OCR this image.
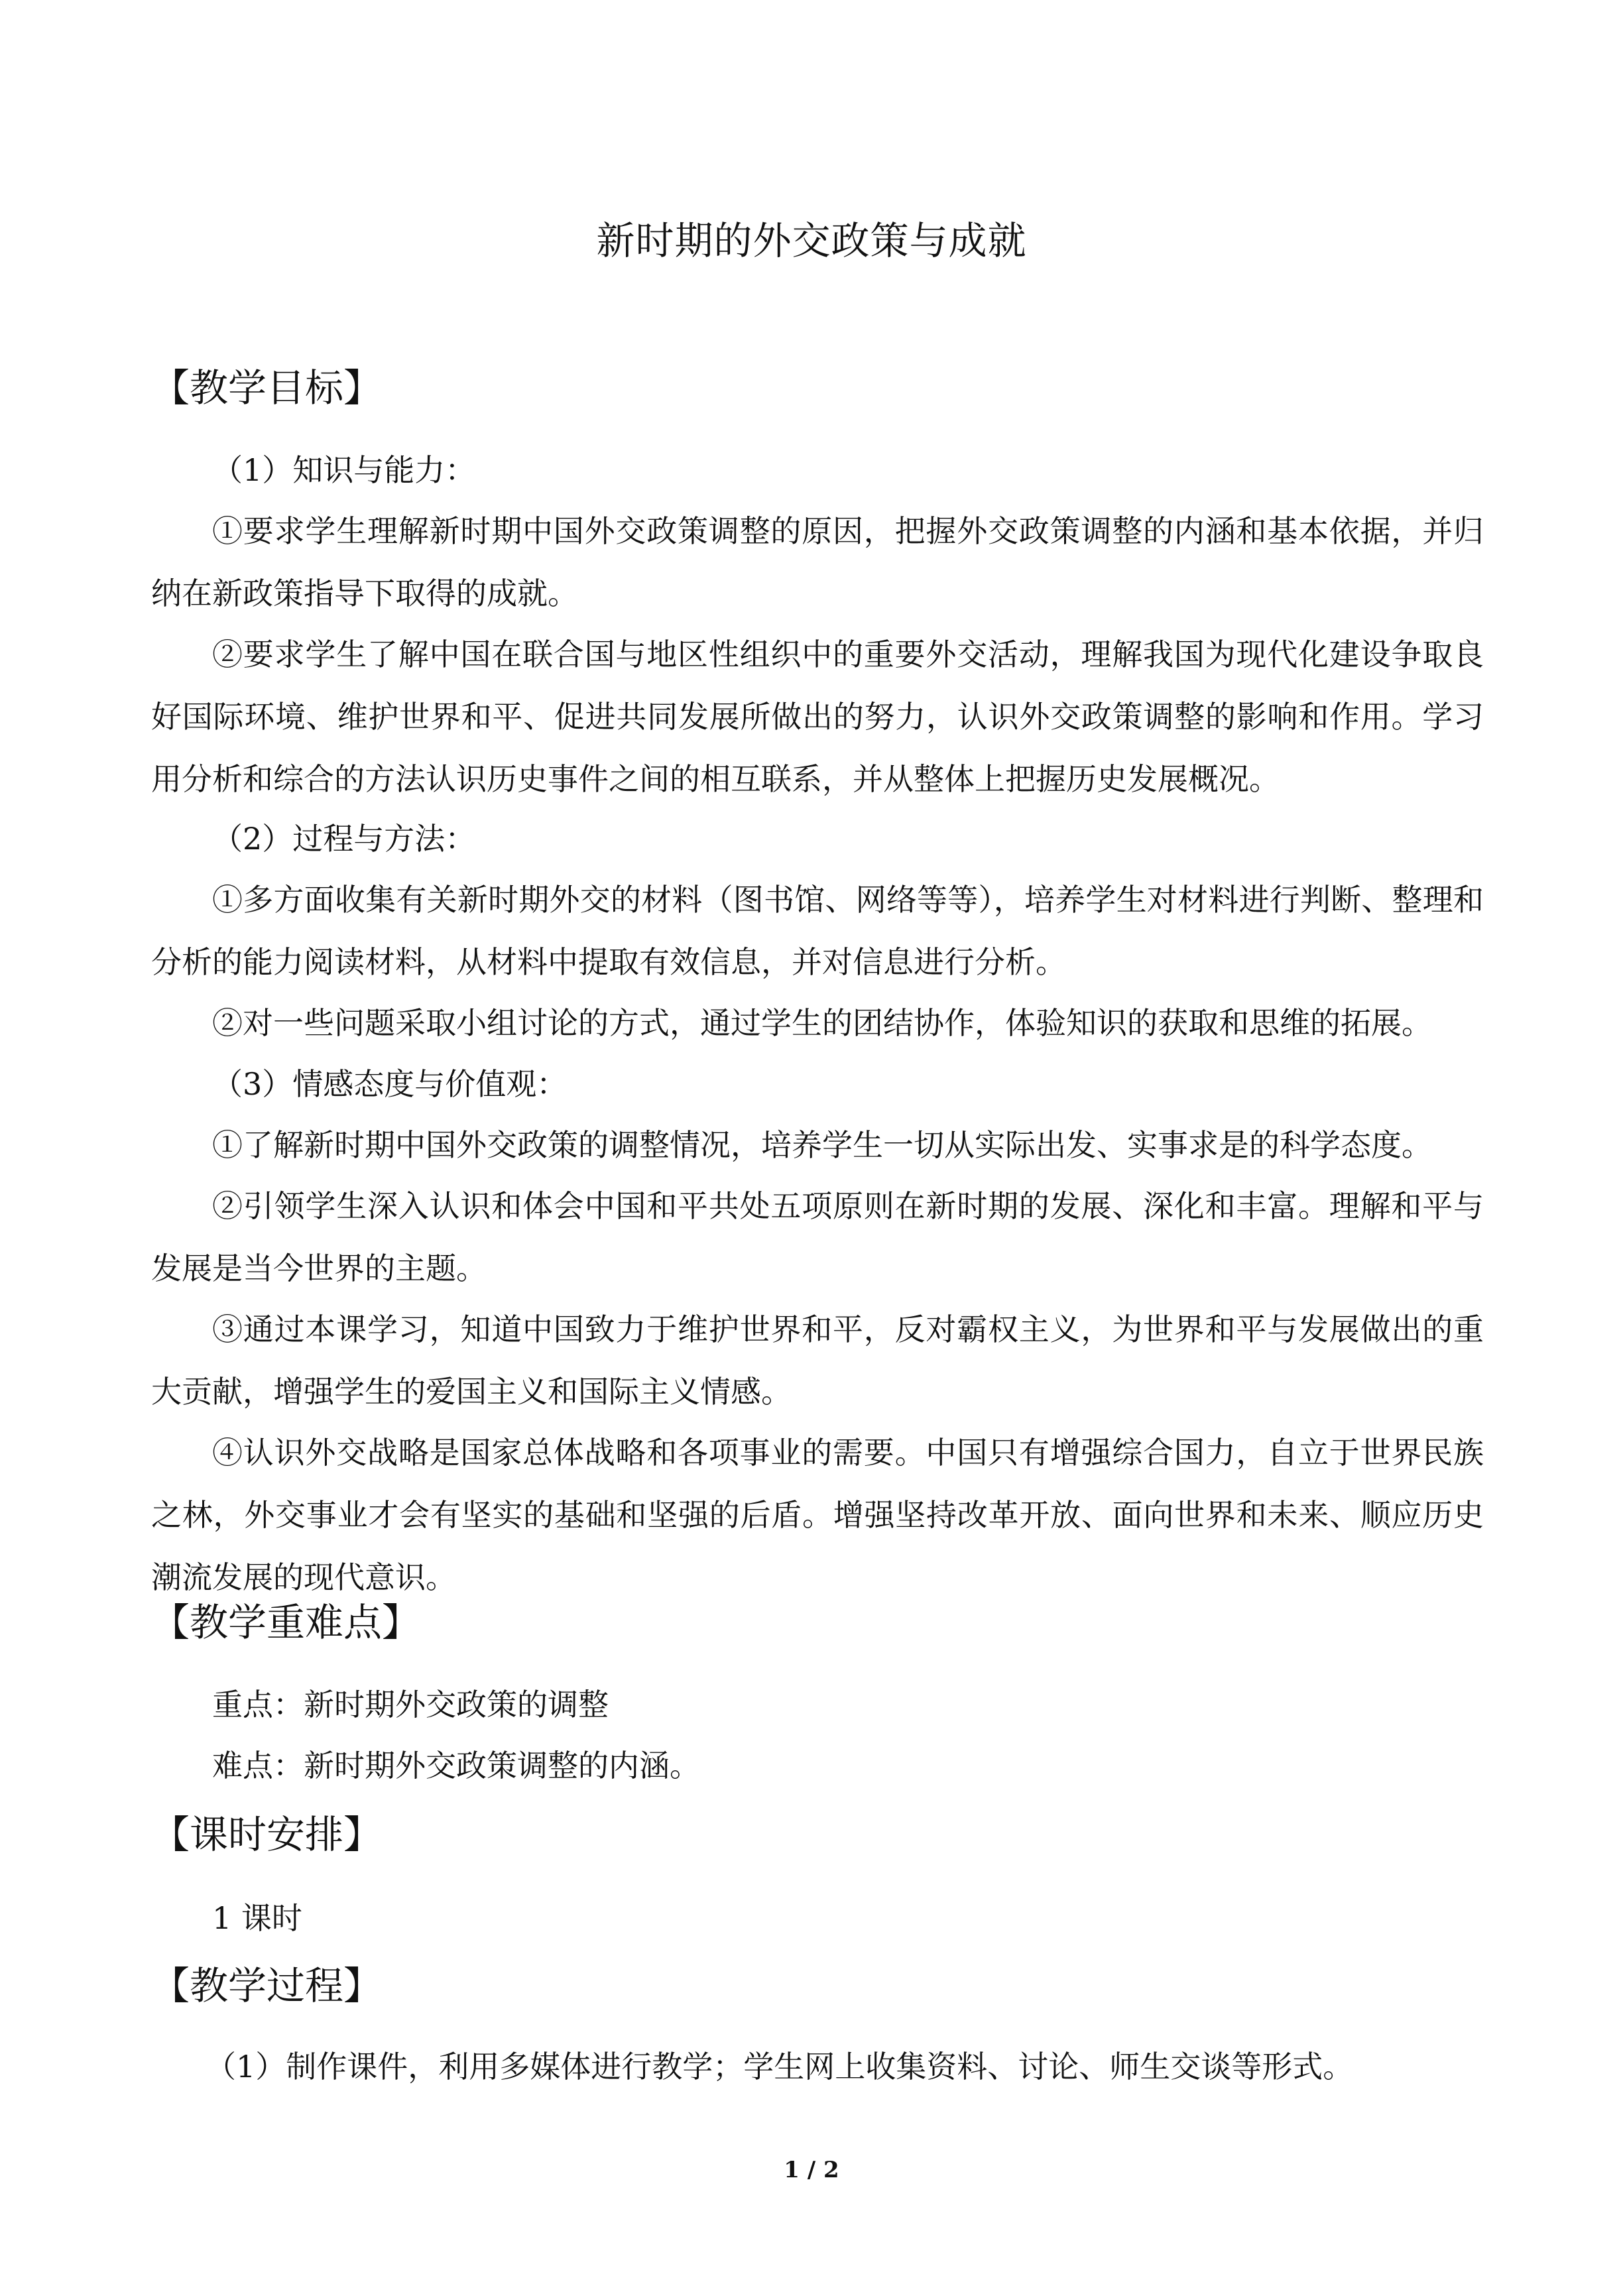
新时期的外交政策与成就
【教学目标】
（1）知识与能力：

①要求学生理解新时期中国外交政策调整的原因，把握外交政策调整的内涵和基本依据，并归纳在新政策指导下取得的成就。

②要求学生了解中国在联合国与地区性组织中的重要外交活动，理解我国为现代化建设争取良好国际环境、维护世界和平、促进共同发展所做出的努力，认识外交政策调整的影响和作用。学习用分析和综合的方法认识历史事件之间的相互联系，并从整体上把握历史发展概况。

（2）过程与方法：

①多方面收集有关新时期外交的材料（图书馆、网络等等），培养学生对材料进行判断、整理和分析的能力阅读材料，从材料中提取有效信息，并对信息进行分析。

②对一些问题采取小组讨论的方式，通过学生的团结协作，体验知识的获取和思维的拓展。

（3）情感态度与价值观：

①了解新时期中国外交政策的调整情况，培养学生一切从实际出发、实事求是的科学态度。

②引领学生深入认识和体会中国和平共处五项原则在新时期的发展、深化和丰富。理解和平与发展是当今世界的主题。

③通过本课学习，知道中国致力于维护世界和平，反对霸权主义，为世界和平与发展做出的重大贡献，增强学生的爱国主义和国际主义情感。

④认识外交战略是国家总体战略和各项事业的需要。中国只有增强综合国力，自立于世界民族之林，外交事业才会有坚实的基础和坚强的后盾。增强坚持改革开放、面向世界和未来、顺应历史潮流发展的现代意识。

【教学重难点】
重点：新时期外交政策的调整
难点：新时期外交政策调整的内涵。
【课时安排】
1 课时
【教学过程】
（1）制作课件，利用多媒体进行教学；学生网上收集资料、讨论、师生交谈等形式。
1 / 2
